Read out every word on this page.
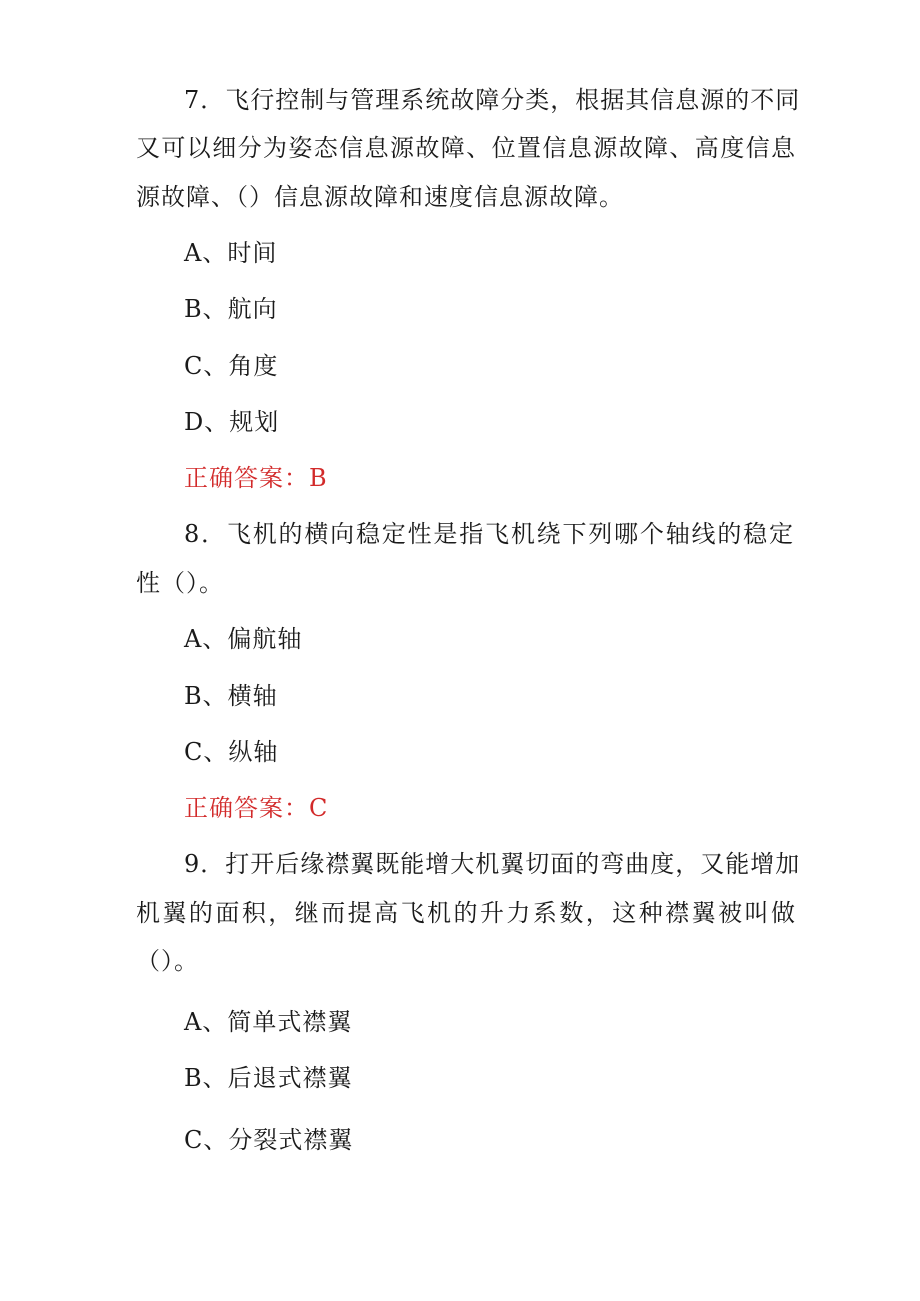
7．飞行控制与管理系统故障分类，根据其信息源的不同
又可以细分为姿态信息源故障、位置信息源故障、高度信息
源故障、（）信息源故障和速度信息源故障。
A、时间
B、航向
C、角度
D、规划
正确答案：B
8．飞机的横向稳定性是指飞机绕下列哪个轴线的稳定
性（）。
A、偏航轴
B、横轴
C、纵轴
正确答案：C
9．打开后缘襟翼既能增大机翼切面的弯曲度，又能增加
机翼的面积，继而提高飞机的升力系数，这种襟翼被叫做
（）。
A、简单式襟翼
B、后退式襟翼
C、分裂式襟翼
